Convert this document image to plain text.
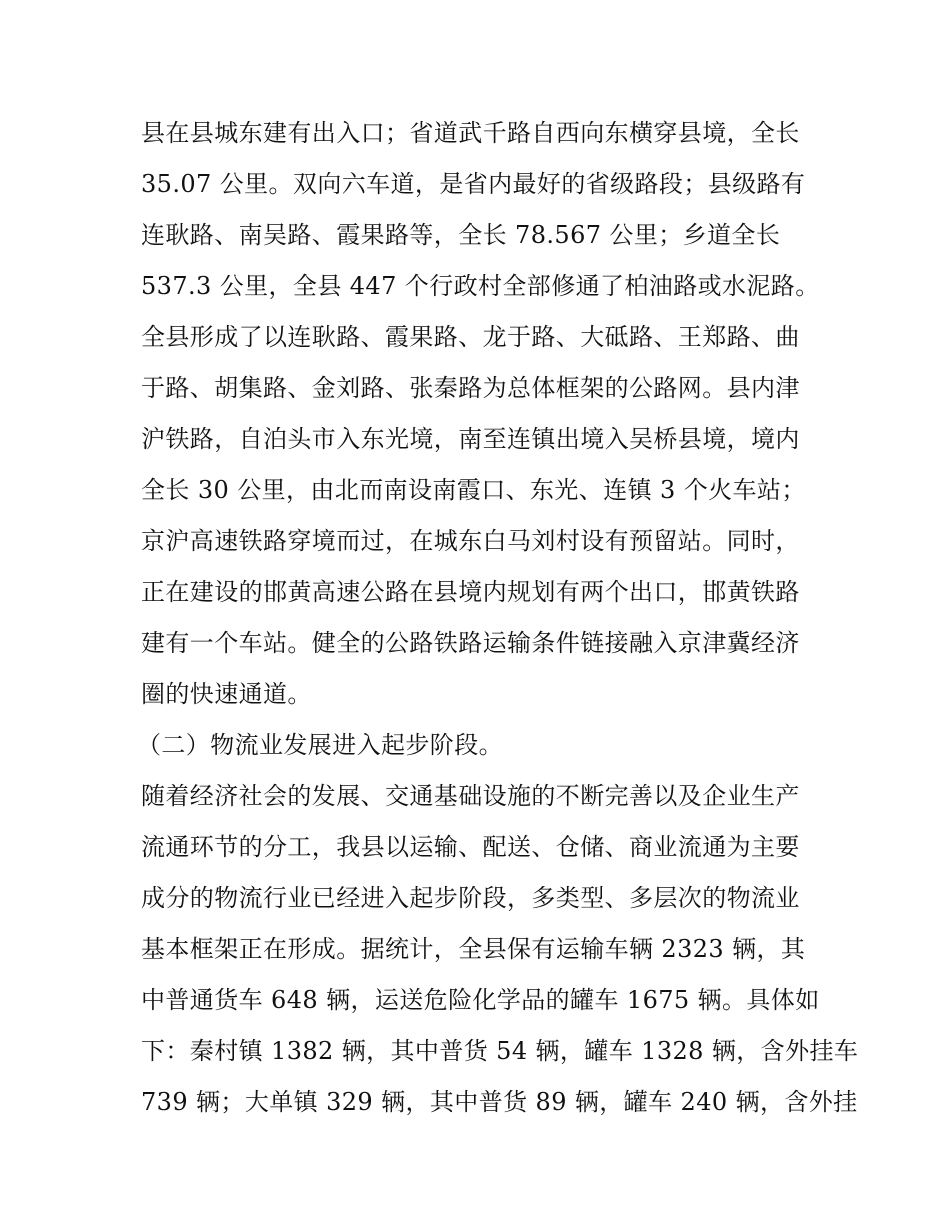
县在县城东建有出入口；省道武千路自西向东横穿县境，全长
35.07 公里。双向六车道，是省内最好的省级路段；县级路有
连耿路、南吴路、霞果路等，全长 78.567 公里；乡道全长
537.3 公里，全县 447 个行政村全部修通了柏油路或水泥路。
全县形成了以连耿路、霞果路、龙于路、大砥路、王郑路、曲
于路、胡集路、金刘路、张秦路为总体框架的公路网。县内津
沪铁路，自泊头市入东光境，南至连镇出境入吴桥县境，境内
全长 30 公里，由北而南设南霞口、东光、连镇 3 个火车站；
京沪高速铁路穿境而过，在城东白马刘村设有预留站。同时，
正在建设的邯黄高速公路在县境内规划有两个出口，邯黄铁路
建有一个车站。健全的公路铁路运输条件链接融入京津冀经济
圈的快速通道。
（二）物流业发展进入起步阶段。
随着经济社会的发展、交通基础设施的不断完善以及企业生产
流通环节的分工，我县以运输、配送、仓储、商业流通为主要
成分的物流行业已经进入起步阶段，多类型、多层次的物流业
基本框架正在形成。据统计，全县保有运输车辆 2323 辆，其
中普通货车 648 辆，运送危险化学品的罐车 1675 辆。具体如
下：秦村镇 1382 辆，其中普货 54 辆，罐车 1328 辆，含外挂车
739 辆；大单镇 329 辆，其中普货 89 辆，罐车 240 辆，含外挂
